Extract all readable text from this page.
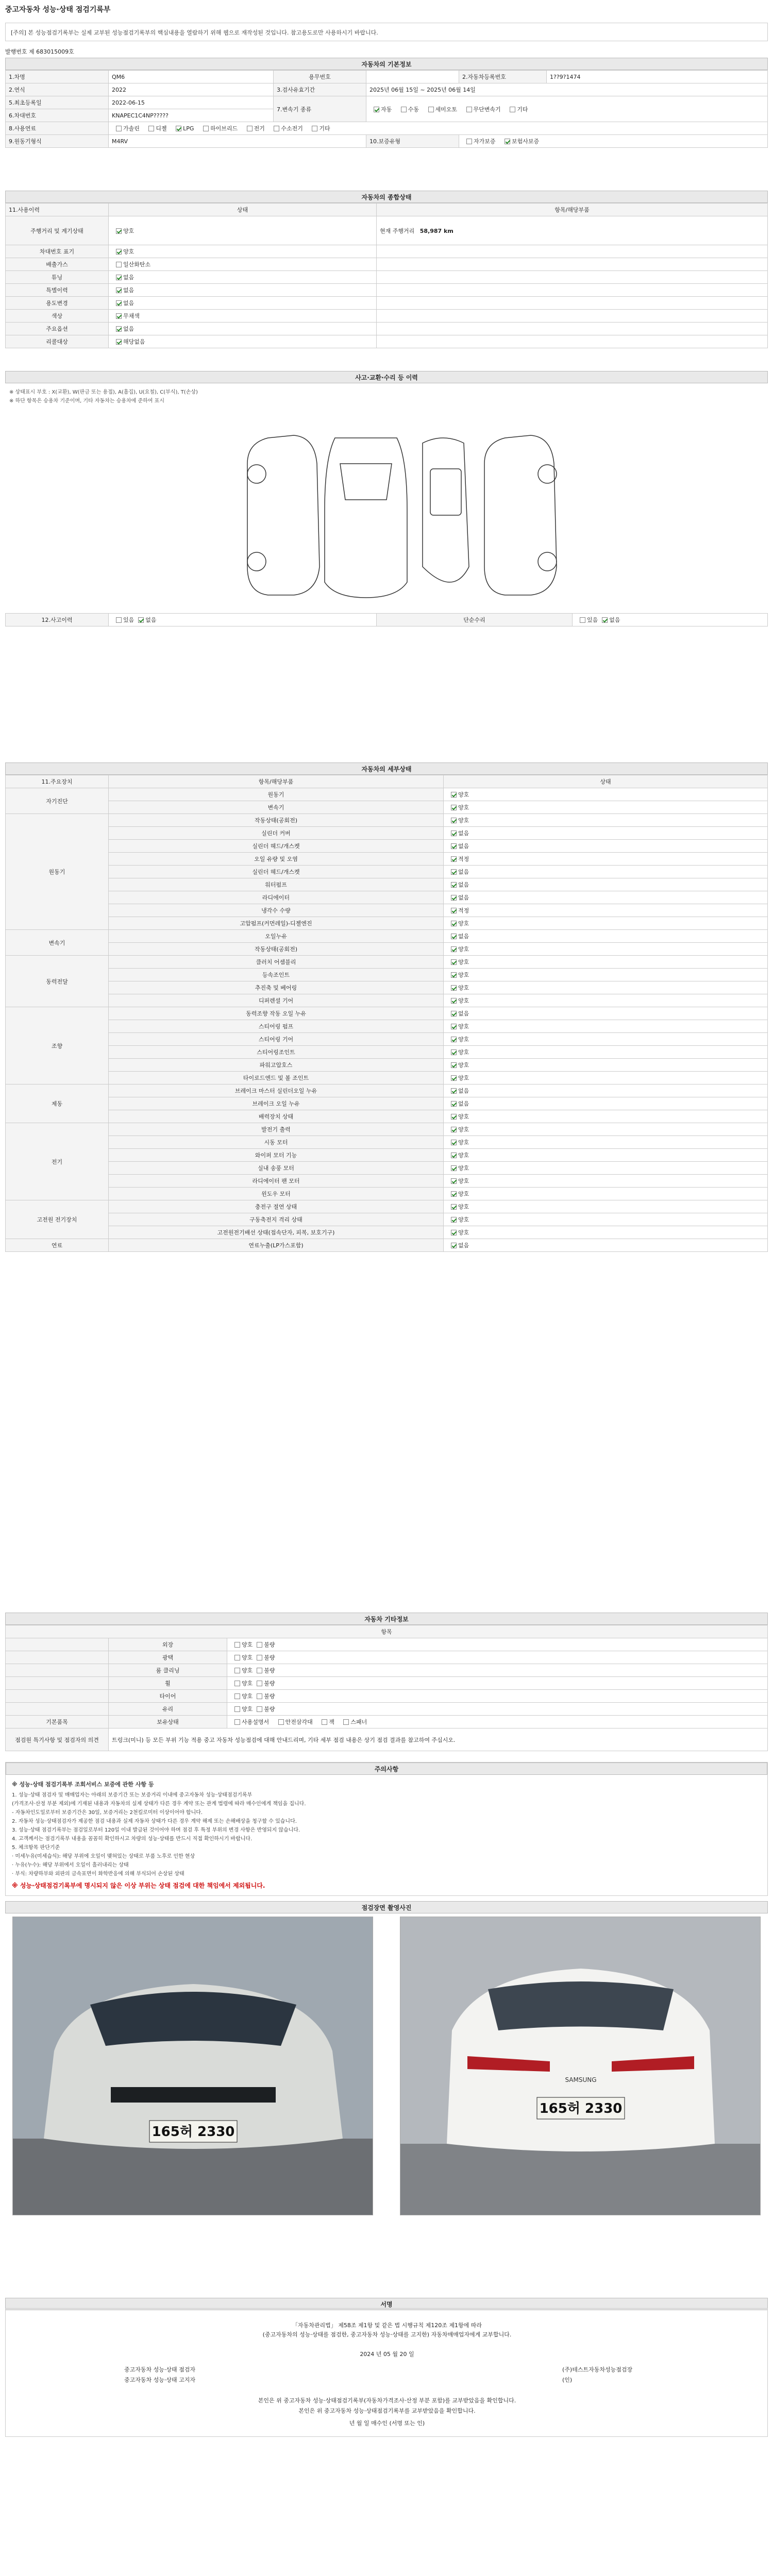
중고자동차 성능·상태 점검기록부
[주의] 본 성능점검기록부는 실제 교부된 성능점검기록부의 핵심내용을 열람하기 위해 웹으로 재작성된 것입니다. 참고용도로만 사용하시기 바랍니다.
발행번호 제 683015009호
자동차의 기본정보
1.차명	QM6	용무번호		2.자동차등록번호	1??9?1474
2.연식	2022	3.검사유효기간	2025년 06월 15일 ~ 2025년 06월 14일		
5.최초등록일	2022-06-15	7.변속기 종류	자동 수동 세미오토 무단변속기 기타		
6.차대번호	KNAPEC1C4NP?????				
8.사용연료	가솔린 디젤 LPG 하이브리드 전기 수소전기 기타				
9.원동기형식	M4RV		10.보증유형	자가보증 보험사보증	
자동차의 종합상태
11.사용이력	상태	항목/해당부품
주행거리 및 계기상태	양호	현재 주행거리 58,987 km
차대번호 표기	양호	
배출가스	일산화탄소	
튜닝	없음	
특별이력	없음	
용도변경	없음	
색상	무채색	
주요옵션	없음	
리콜대상	해당없음	
사고·교환·수리 등 이력
※ 상태표시 부호 : X(교환), W(판금 또는 용접), A(흠집), U(요철), C(부식), T(손상)
※ 하단 항목은 승용차 기준이며, 기타 자동차는 승용차에 준하여 표시
12.사고이력	있음 없음	단순수리	있음 없음
자동차의 세부상태
11.주요장치	항목/해당부품	상태
자기진단	원동기	양호
	변속기	양호
원동기	작동상태(공회전)	양호
	실린더 커버	없음
	실린더 헤드/개스켓	없음
	오일 유량 및 오염	적정
	실린더 헤드/개스켓	없음
	워터펌프	없음
	라디에이터	없음
	냉각수 수량	적정
	고압펌프(커먼레일)-디젤엔진	양호
변속기	오일누유	없음
	작동상태(공회전)	양호
동력전달	클러치 어셈블리	양호
	등속조인트	양호
	추진축 및 베어링	양호
	디퍼렌셜 기어	양호
조향	동력조향 작동 오일 누유	없음
	스티어링 펌프	양호
	스티어링 기어	양호
	스티어링조인트	양호
	파워고압호스	양호
	타이로드엔드 및 볼 조인트	양호
제동	브레이크 마스터 실린더오일 누유	없음
	브레이크 오일 누유	없음
	배력장치 상태	양호
전기	발전기 출력	양호
	시동 모터	양호
	와이퍼 모터 기능	양호
	실내 송풍 모터	양호
	라디에이터 팬 모터	양호
	윈도우 모터	양호
고전원 전기장치	충전구 절연 상태	양호
	구동축전지 격리 상태	양호
	고전원전기배선 상태(접속단자, 피복, 보호기구)	양호
연료	연료누출(LP가스포함)	없음
자동차 기타정보
항목		
	외장	양호 불량
	광택	양호 불량
	룸 클리닝	양호 불량
	휠	양호 불량
	타이어	양호 불량
	유리	양호 불량
기본품목	보유상태	사용설명서 안전삼각대 잭 스패너
점검원 특기사항 및 점검자의 의견	트렁크(미니) 등 모든 부위 기능 적용 중고 자동차 성능점검에 대해 안내드리며, 기타 세부 점검 내용은 상기 점검 결과를 참고하여 주십시오.	
주의사항
※ 성능·상태 점검기록부 조회서비스 보증에 관한 사항 등
1. 성능·상태 점검자 및 매매업자는 아래의 보증기간 또는 보증거리 이내에 중고자동차 성능·상태점검기록부
(가격조사·산정 부분 제외)에 기재된 내용과 자동차의 실제 상태가 다른 경우 계약 또는 관계 법령에 따라 매수인에게 책임을 집니다.
- 자동차인도일로부터 보증기간은 30일, 보증거리는 2천킬로미터 이상이어야 합니다.
2. 자동차 성능·상태점검자가 제공한 점검 내용과 실제 자동차 상태가 다른 경우 계약 해제 또는 손해배상을 청구할 수 있습니다.
3. 성능·상태 점검기록부는 점검일로부터 120일 이내 발급된 것이어야 하며 점검 후 특정 부위의 변경 사항은 반영되지 않습니다.
4. 고객께서는 점검기록부 내용을 꼼꼼히 확인하시고 차량의 성능·상태를 반드시 직접 확인하시기 바랍니다.
5. 체크항목 판단기준
· 미세누유(미세습식): 해당 부위에 오일이 맺혀있는 상태로 부품 노후로 인한 현상
· 누유(누수): 해당 부위에서 오일이 흘러내리는 상태
· 부식: 차량하부와 외판의 금속표면이 화학반응에 의해 부식되어 손상된 상태
※ 성능·상태점검기록부에 명시되지 않은 이상 부위는 상태 점검에 대한 책임에서 제외됩니다.
점검장면 촬영사진
165허 2330
SAMSUNG
165허 2330
서명
「자동차관리법」 제58조 제1항 및 같은 법 시행규칙 제120조 제1항에 따라
(중고자동차의 성능·상태를 점검한, 중고자동차 성능·상태를 고지한) 자동차매매업자에게 교부합니다.
2024 년 05 월 20 일
중고자동차 성능·상태 점검자	(주)테스트자동차성능점검장
중고자동차 성능·상태 고지자	(인)
본인은 위 중고자동차 성능·상태점검기록부(자동차가격조사·산정 부분 포함)를 교부받았음을 확인합니다.
본인은 위 중고자동차 성능·상태점검기록부를 교부받았음을 확인합니다.
년 월 일 매수인 (서명 또는 인)
